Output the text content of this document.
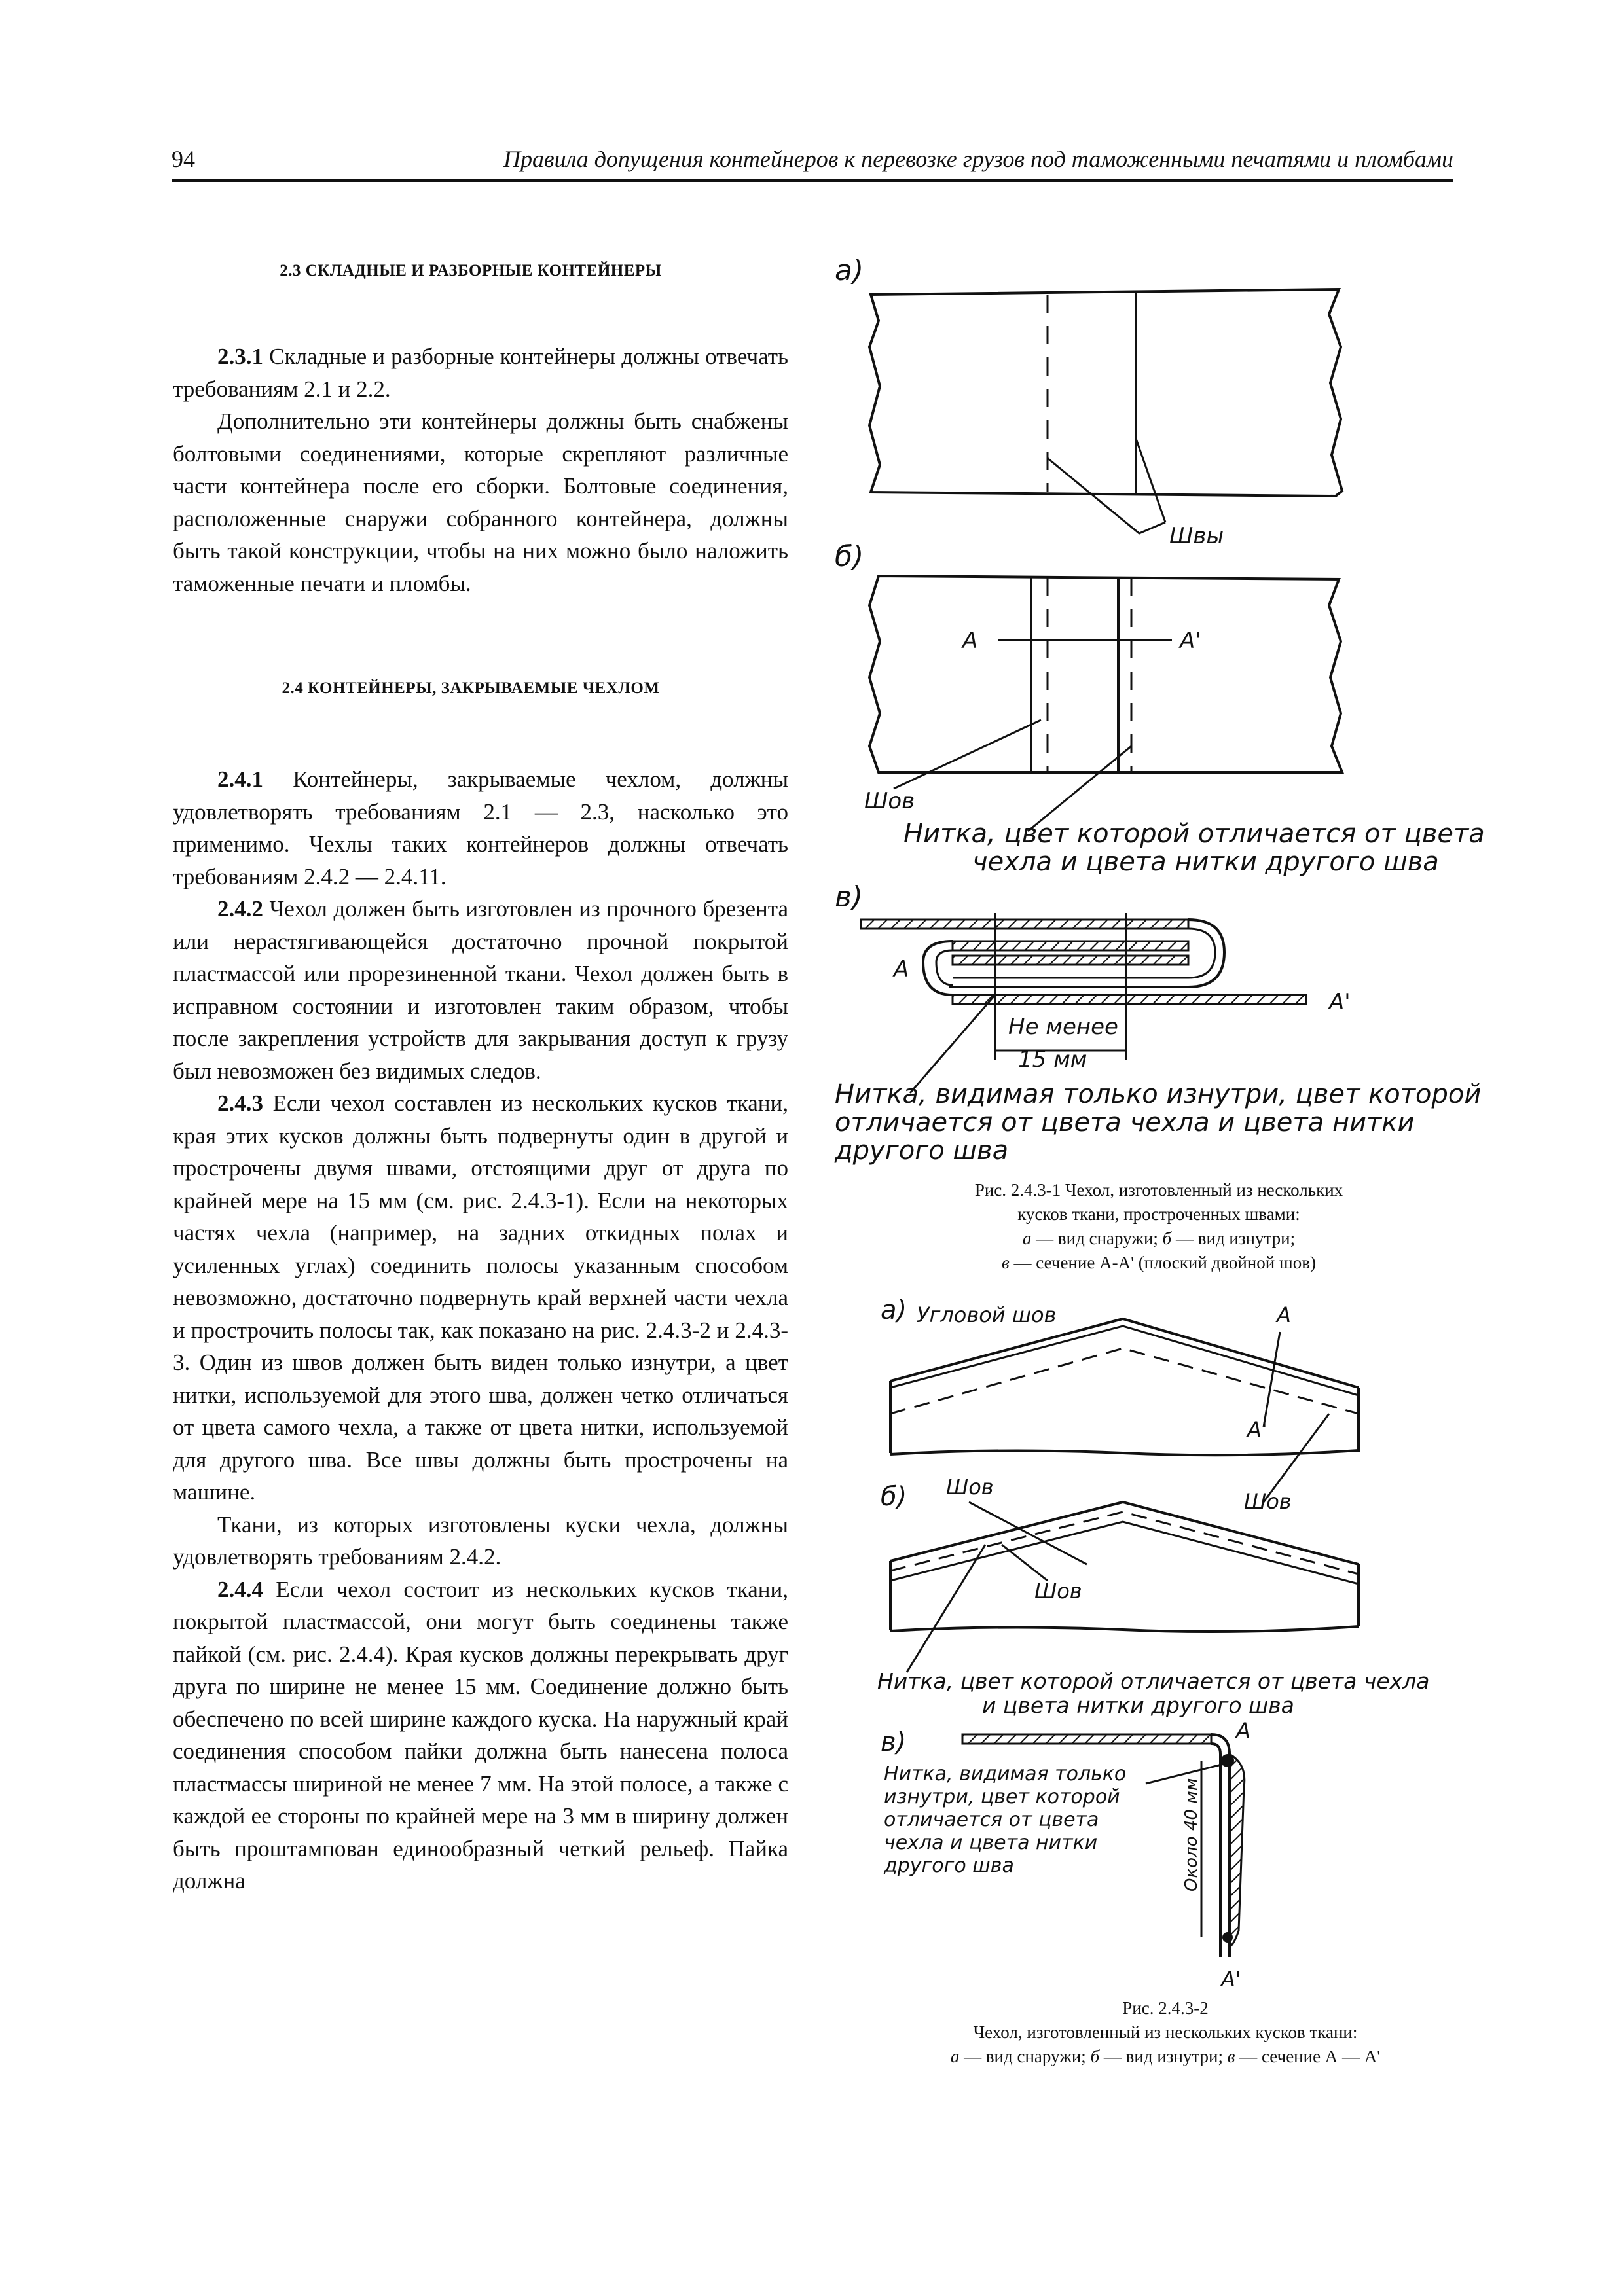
94	Правила допущения контейнеров к перевозке грузов под таможенными печатями и пломбами

2.3 СКЛАДНЫЕ И РАЗБОРНЫЕ КОНТЕЙНЕРЫ

2.3.1 Складные и разборные контейнеры должны отвечать требованиям 2.1 и 2.2.

Дополнительно эти контейнеры должны быть снабжены болтовыми соединениями, которые скрепляют различные части контейнера после его сборки. Болтовые соединения, расположенные снаружи собранного контейнера, должны быть такой конструкции, чтобы на них можно было наложить таможенные печати и пломбы.

2.4 КОНТЕЙНЕРЫ, ЗАКРЫВАЕМЫЕ ЧЕХЛОМ

2.4.1 Контейнеры, закрываемые чехлом, должны удовлетворять требованиям 2.1 — 2.3, насколько это применимо. Чехлы таких контейнеров должны отвечать требованиям 2.4.2 — 2.4.11.

2.4.2 Чехол должен быть изготовлен из прочного брезента или нерастягивающейся достаточно прочной покрытой пластмассой или прорезиненной ткани. Чехол должен быть в исправном состоянии и изготовлен таким образом, чтобы после закрепления устройств для закрывания доступ к грузу был невозможен без видимых следов.

2.4.3 Если чехол составлен из нескольких кусков ткани, края этих кусков должны быть подвернуты один в другой и прострочены двумя швами, отстоящими друг от друга по крайней мере на 15 мм (см. рис. 2.4.3-1). Если на некоторых частях чехла (например, на задних откидных полах и усиленных углах) соединить полосы указанным способом невозможно, достаточно подвернуть край верхней части чехла и прострочить полосы так, как показано на рис. 2.4.3-2 и 2.4.3-3. Один из швов должен быть виден только изнутри, а цвет нитки, используемой для этого шва, должен четко отличаться от цвета самого чехла, а также от цвета нитки, используемой для другого шва. Все швы должны быть прострочены на машине.

Ткани, из которых изготовлены куски чехла, должны удовлетворять требованиям 2.4.2.

2.4.4 Если чехол состоит из нескольких кусков ткани, покрытой пластмассой, они могут быть соединены также пайкой (см. рис. 2.4.4). Края кусков должны перекрывать друг друга по ширине не менее 15 мм. Соединение должно быть обеспечено по всей ширине каждого куска. На наружный край соединения способом пайки должна быть нанесена полоса пластмассы шириной не менее 7 мм. На этой полосе, а также с каждой ее стороны по крайней мере на 3 мм в ширину должен быть проштампован единообразный четкий рельеф. Пайка должна

а)
Швы
б)
А	А'
Шов
Нитка, цвет которой отличается от цвета
чехла и цвета нитки другого шва
в)
А
А'
Не менее
15 мм
Нитка, видимая только изнутри, цвет которой
отличается от цвета чехла и цвета нитки
другого шва
Рис. 2.4.3-1 Чехол, изготовленный из нескольких
кусков ткани, простроченных швами:
а — вид снаружи; б — вид изнутри;
в — сечение А-А' (плоский двойной шов)
а) Угловой шов	А
А'
б) Шов
Шов
Шов
Нитка, цвет которой отличается от цвета чехла
и цвета нитки другого шва
в)	А
А'
Около 40 мм
Нитка, видимая только
изнутри, цвет которой
отличается от цвета
чехла и цвета нитки
другого шва
Рис. 2.4.3-2
Чехол, изготовленный из нескольких кусков ткани:
а — вид снаружи; б — вид изнутри; в — сечение А — А'
